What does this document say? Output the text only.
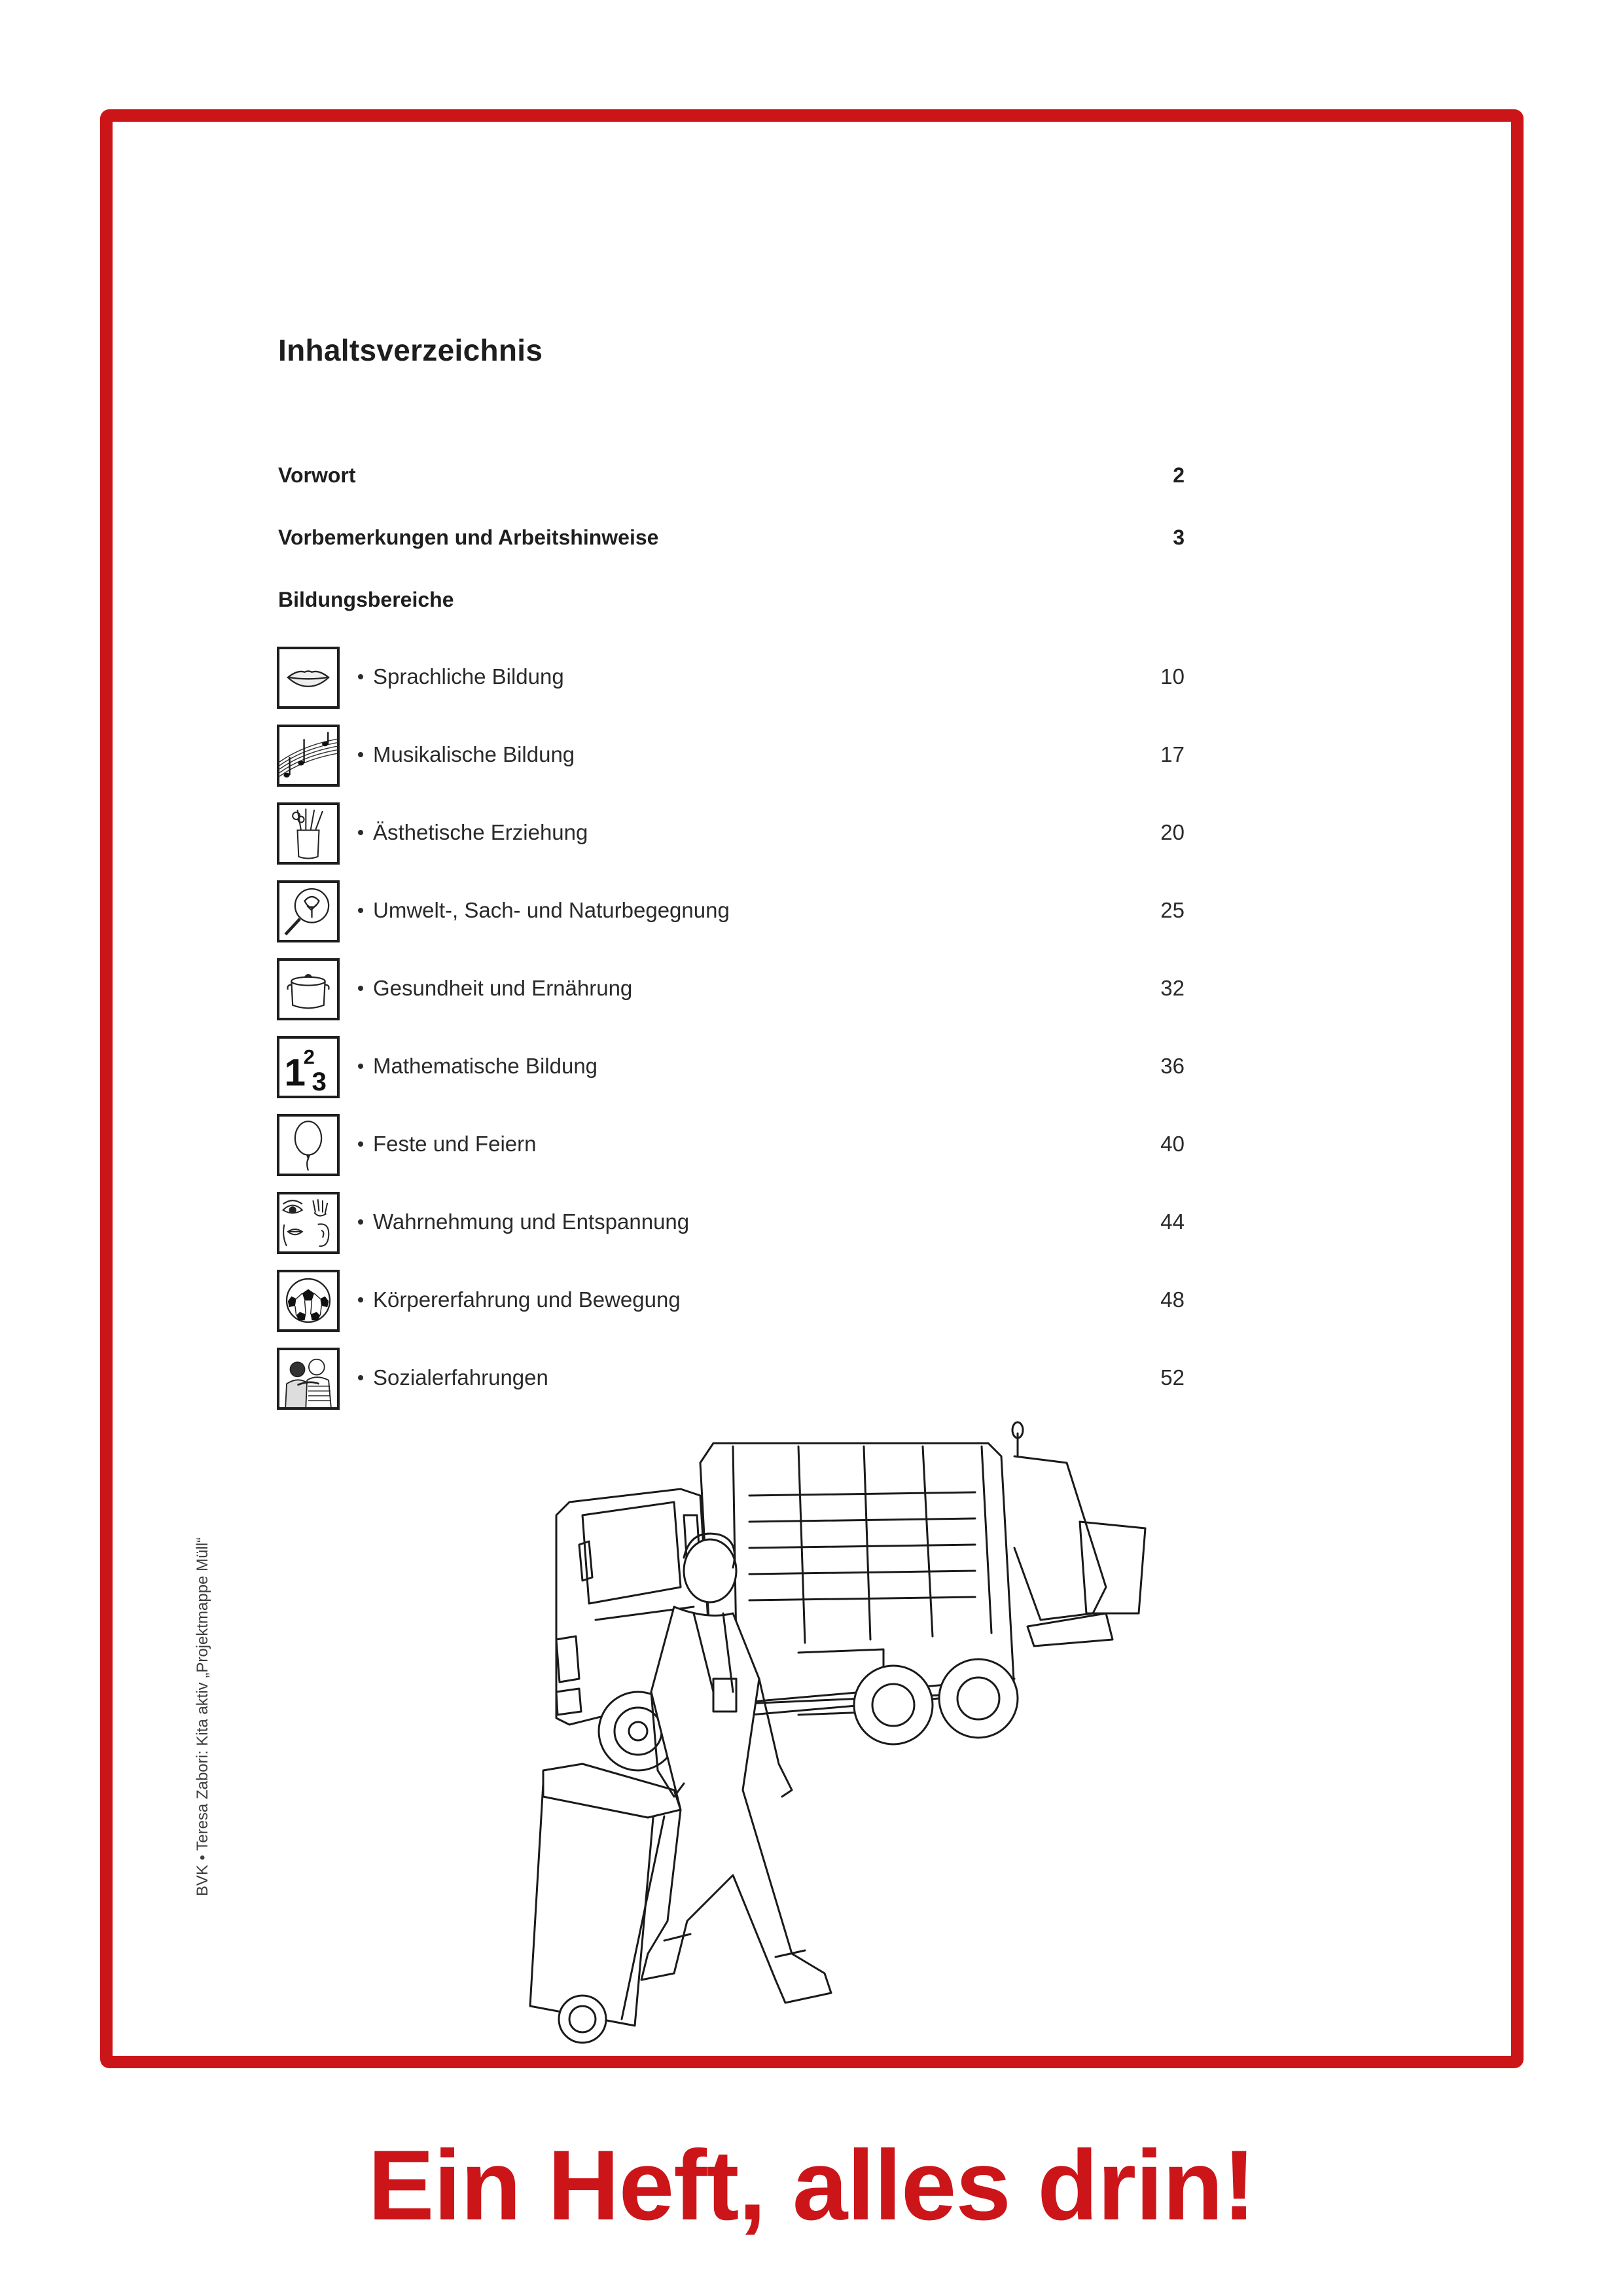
Inhaltsverzeichnis
Vorwort	2
Vorbemerkungen und Arbeitshinweise	3
Bildungsbereiche
Sprachliche Bildung	10
Musikalische Bildung	17
Ästhetische Erziehung	20
Umwelt-, Sach- und Naturbegegnung	25
Gesundheit und Ernährung	32
1
2
3
Mathematische Bildung	36
Feste und Feiern	40
Wahrnehmung und Entspannung	44
Körpererfahrung und Bewegung	48
Sozialerfahrungen	52
BVK • Teresa Zabori: Kita aktiv „Projektmappe Müll“
Ein Heft, alles drin!
